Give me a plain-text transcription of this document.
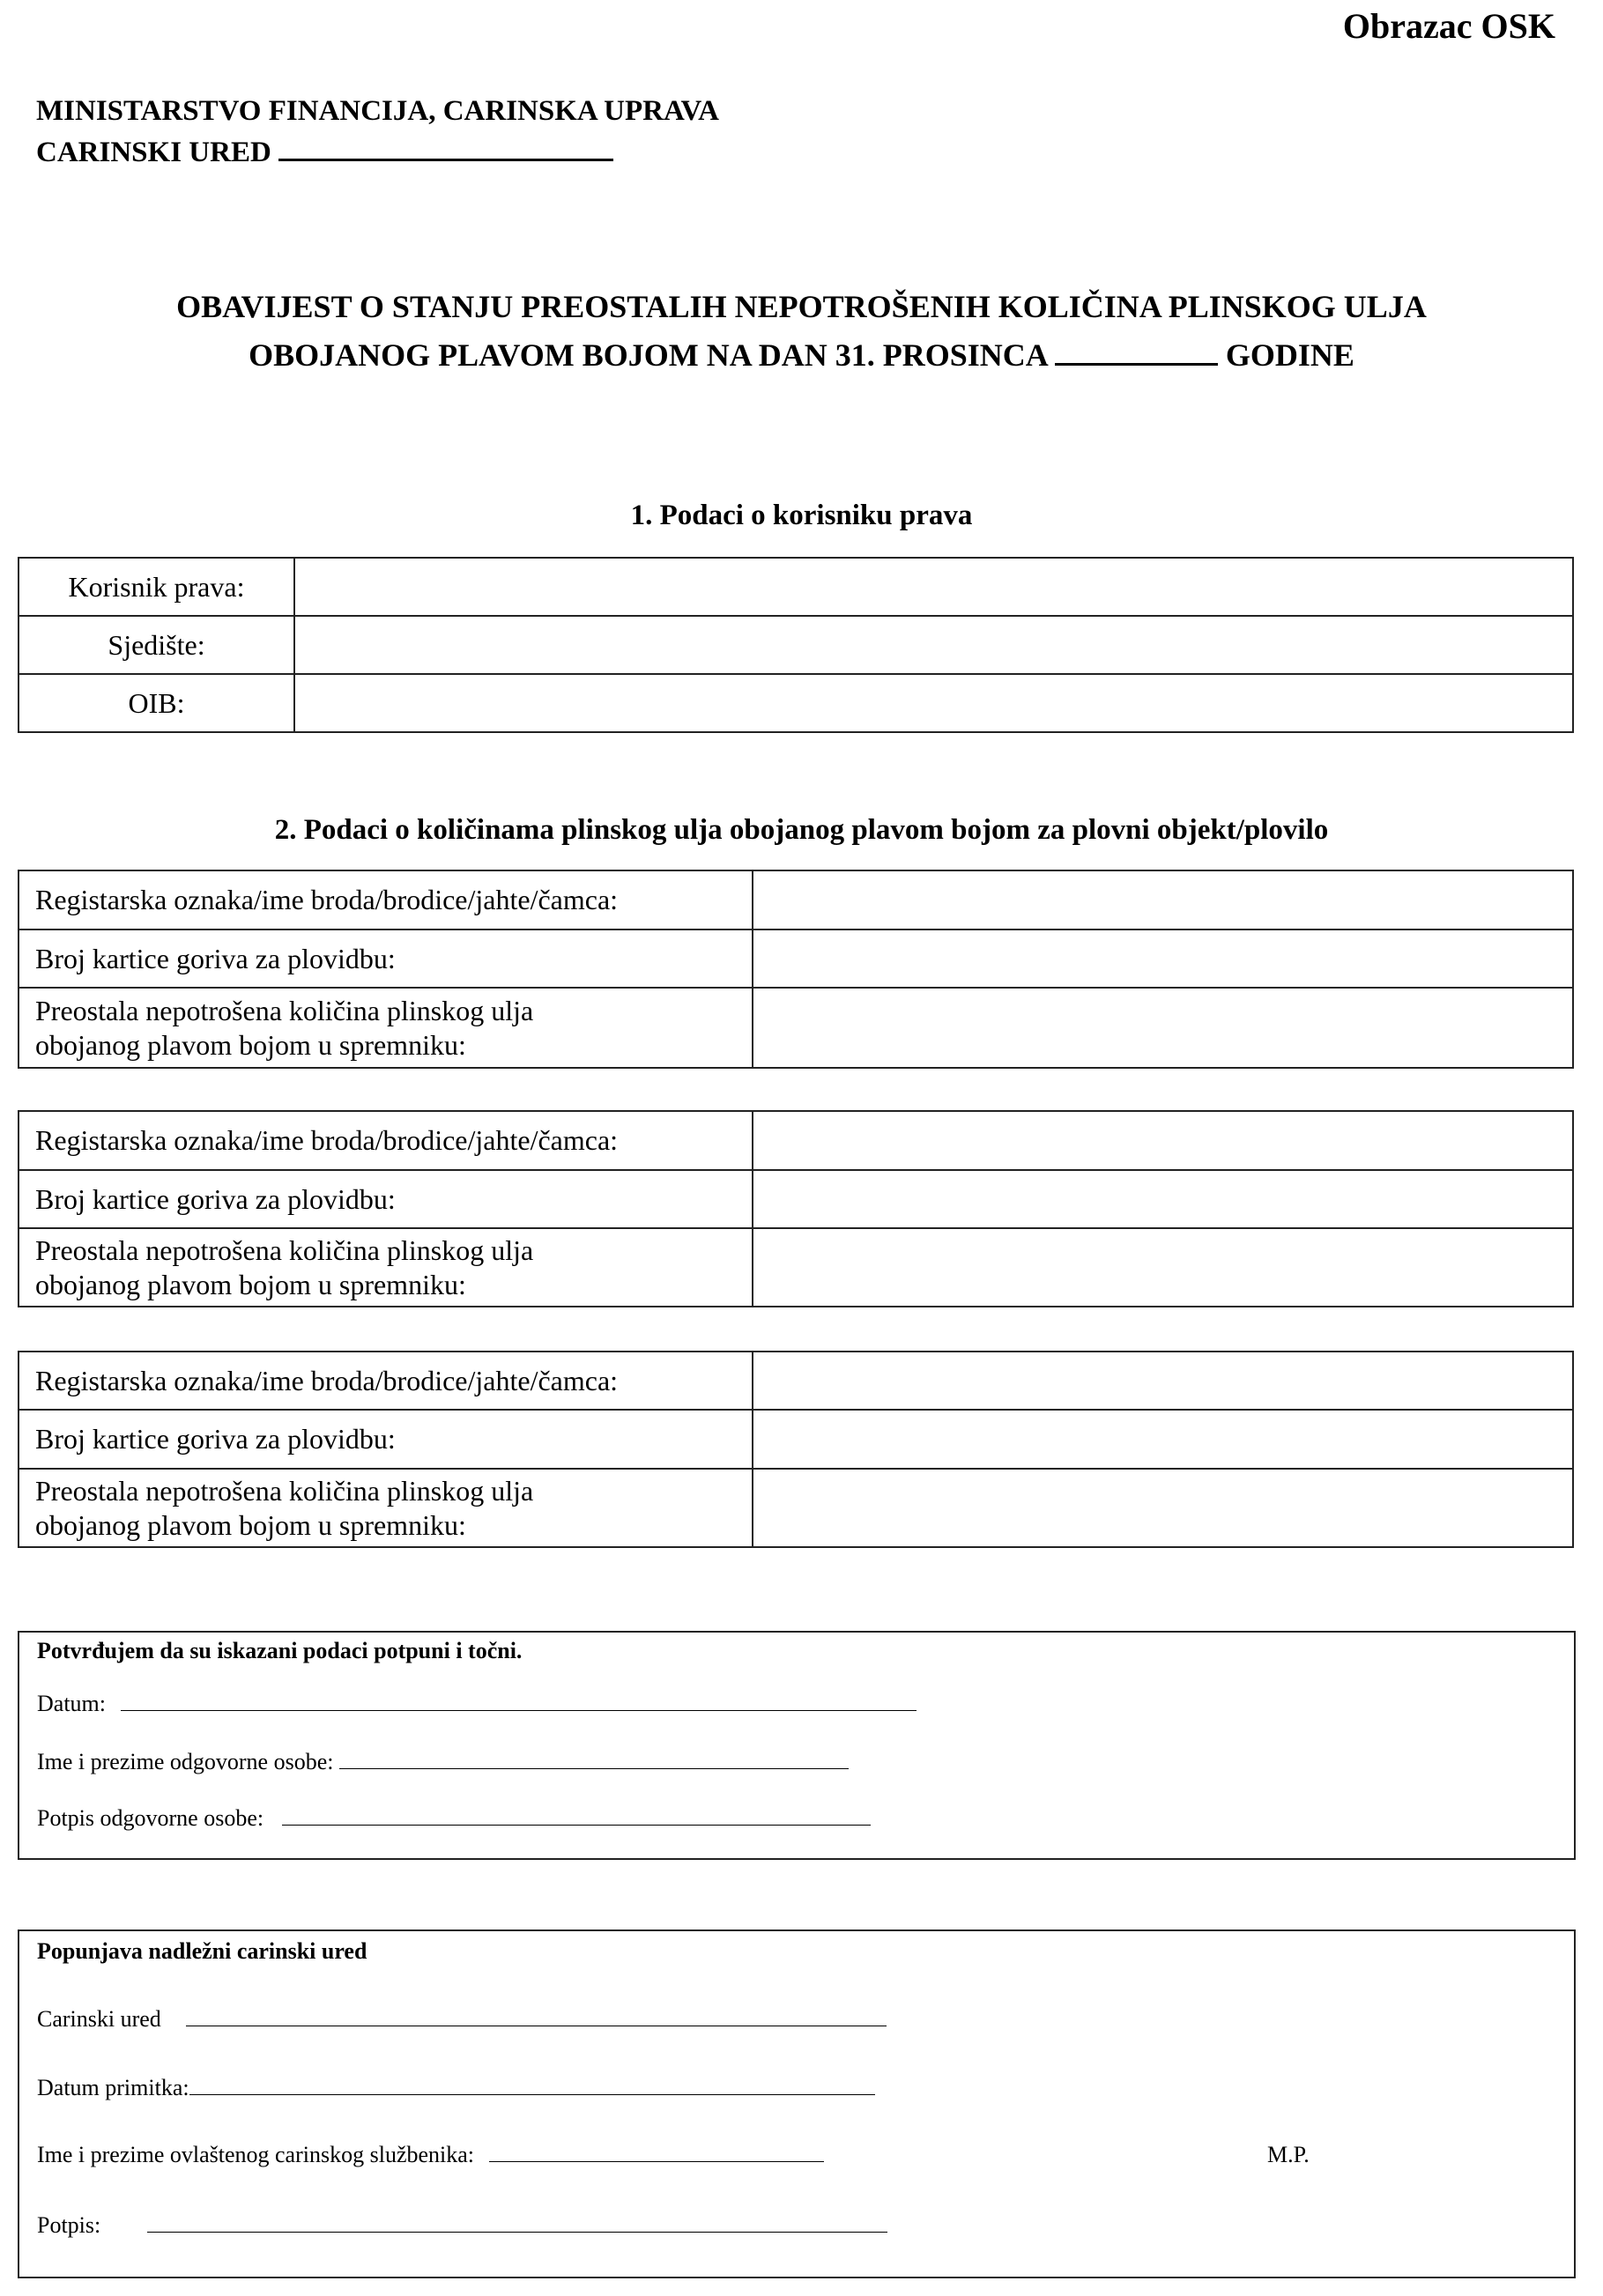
Obrazac OSK
MINISTARSTVO FINANCIJA, CARINSKA UPRAVA
CARINSKI URED
OBAVIJEST O STANJU PREOSTALIH NEPOTROŠENIH KOLIČINA PLINSKOG ULJA
OBOJANOG PLAVOM BOJOM NA DAN 31. PROSINCA	GODINE
1. Podaci o korisniku prava
Korisnik prava:	
Sjedište:	
OIB:	
2. Podaci o količinama plinskog ulja obojanog plavom bojom za plovni objekt/plovilo
Registarska oznaka/ime broda/brodice/jahte/čamca:	
Broj kartice goriva za plovidbu:	

Preostala nepotrošena količina plinskog ulja
obojanog plavom bojom u spremniku:	

Registarska oznaka/ime broda/brodice/jahte/čamca:	
Broj kartice goriva za plovidbu:	

Preostala nepotrošena količina plinskog ulja
obojanog plavom bojom u spremniku:	

Registarska oznaka/ime broda/brodice/jahte/čamca:	
Broj kartice goriva za plovidbu:	

Preostala nepotrošena količina plinskog ulja
obojanog plavom bojom u spremniku:	

Potvrđujem da su iskazani podaci potpuni i točni.
Datum:
Ime i prezime odgovorne osobe:
Potpis odgovorne osobe:
Popunjava nadležni carinski ured
Carinski ured
Datum primitka:
Ime i prezime ovlaštenog carinskog službenika:	M.P.
Potpis:
